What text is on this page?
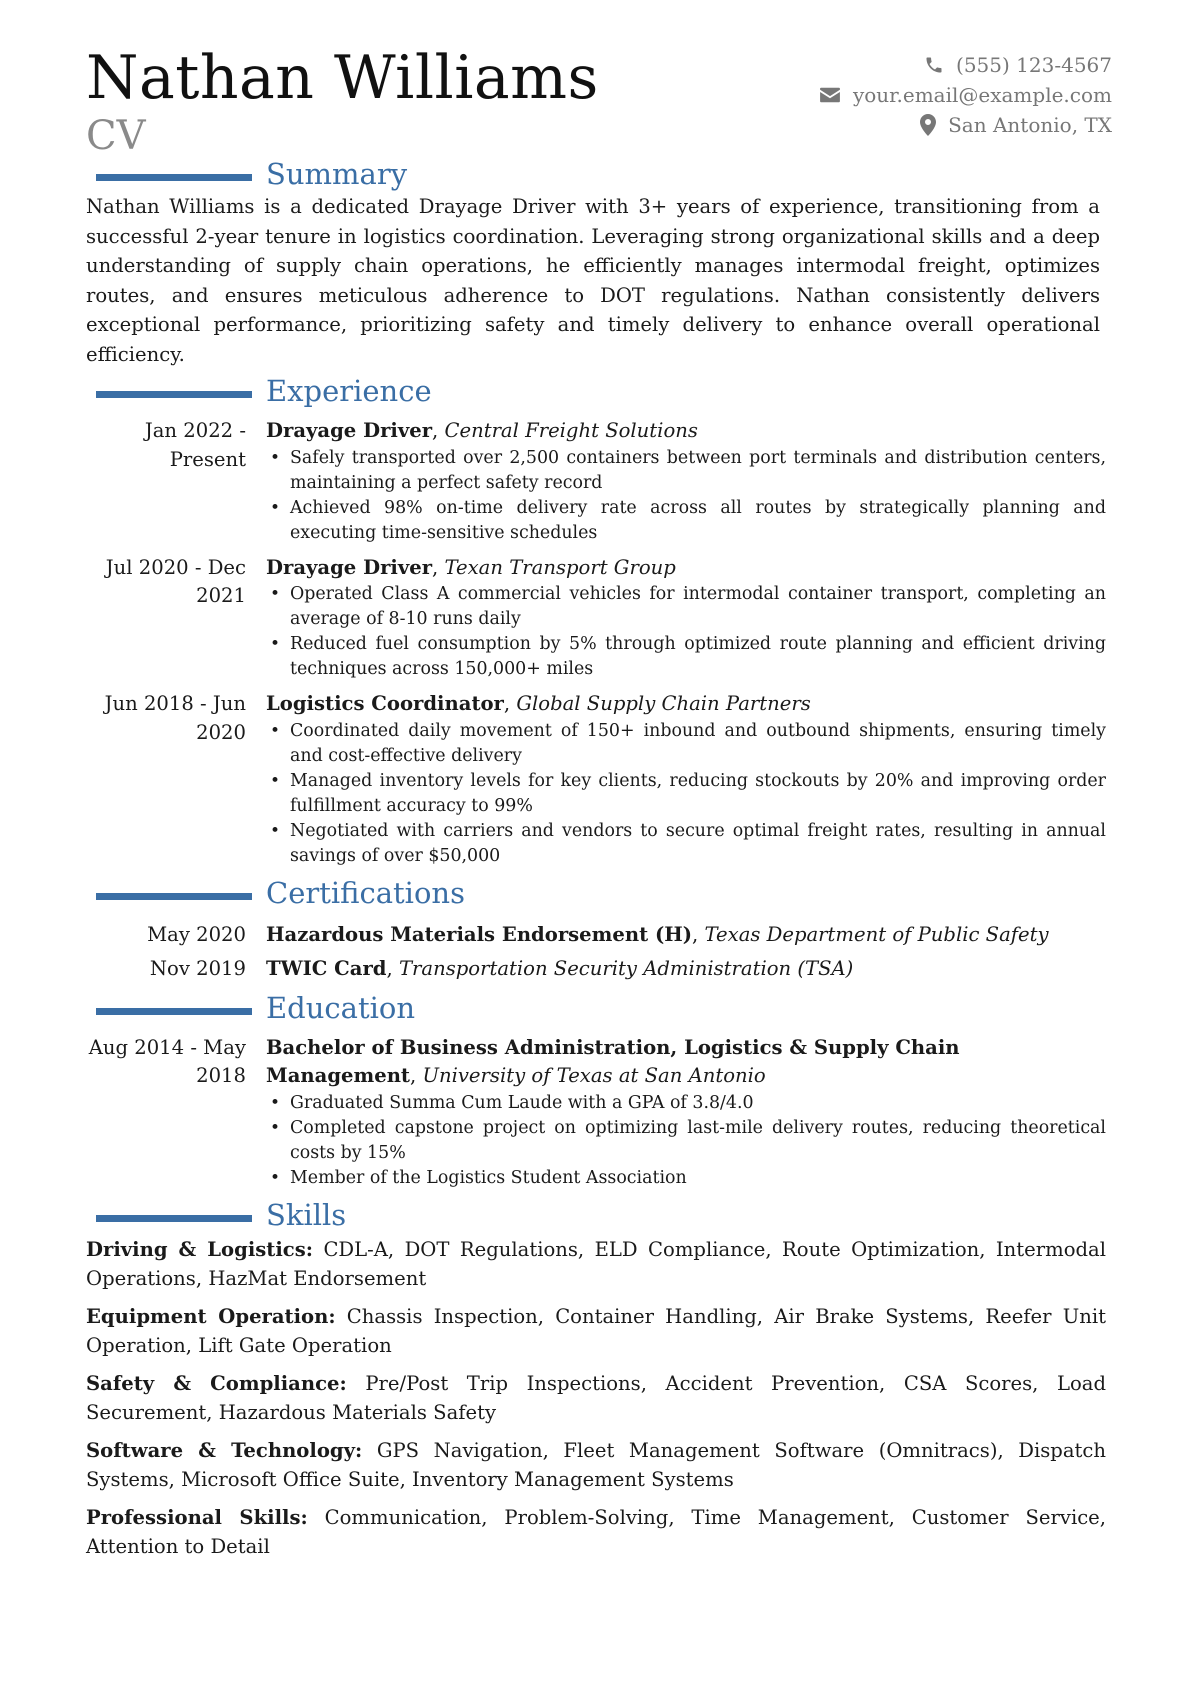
Nathan Williams
CV
(555) 123-4567
your.email@example.com
San Antonio, TX
Summary

Nathan Williams is a dedicated Drayage Driver with 3+ years of experience, transitioning from a successful 2-year tenure in logistics coordination. Leveraging strong organizational skills and a deep understanding of supply chain operations, he efficiently manages intermodal freight, optimizes routes, and ensures meticulous adherence to DOT regulations. Nathan consistently delivers exceptional performance, prioritizing safety and timely delivery to enhance overall operational efficiency.

Experience
Jan 2022 - Present
Drayage Driver, Central Freight Solutions
• Safely transported over 2,500 containers between port terminals and distribution centers, maintaining a perfect safety record
• Achieved 98% on-time delivery rate across all routes by strategically planning and executing time-sensitive schedules
Jul 2020 - Dec 2021
Drayage Driver, Texan Transport Group
• Operated Class A commercial vehicles for intermodal container transport, completing an average of 8-10 runs daily
• Reduced fuel consumption by 5% through optimized route planning and efficient driving techniques across 150,000+ miles
Jun 2018 - Jun 2020
Logistics Coordinator, Global Supply Chain Partners
• Coordinated daily movement of 150+ inbound and outbound shipments, ensuring timely and cost-effective delivery
• Managed inventory levels for key clients, reducing stockouts by 20% and improving order fulfillment accuracy to 99%
• Negotiated with carriers and vendors to secure optimal freight rates, resulting in annual savings of over $50,000
Certifications
May 2020	Hazardous Materials Endorsement (H), Texas Department of Public Safety
Nov 2019	TWIC Card, Transportation Security Administration (TSA)
Education
Aug 2014 - May 2018
Bachelor of Business Administration, Logistics & Supply Chain Management, University of Texas at San Antonio
• Graduated Summa Cum Laude with a GPA of 3.8/4.0
• Completed capstone project on optimizing last-mile delivery routes, reducing theoretical costs by 15%
• Member of the Logistics Student Association
Skills

Driving & Logistics: CDL-A, DOT Regulations, ELD Compliance, Route Optimization, Intermodal Operations, HazMat Endorsement

Equipment Operation: Chassis Inspection, Container Handling, Air Brake Systems, Reefer Unit Operation, Lift Gate Operation

Safety & Compliance: Pre/Post Trip Inspections, Accident Prevention, CSA Scores, Load Securement, Hazardous Materials Safety

Software & Technology: GPS Navigation, Fleet Management Software (Omnitracs), Dispatch Systems, Microsoft Office Suite, Inventory Management Systems

Professional Skills: Communication, Problem-Solving, Time Management, Customer Service, Attention to Detail
